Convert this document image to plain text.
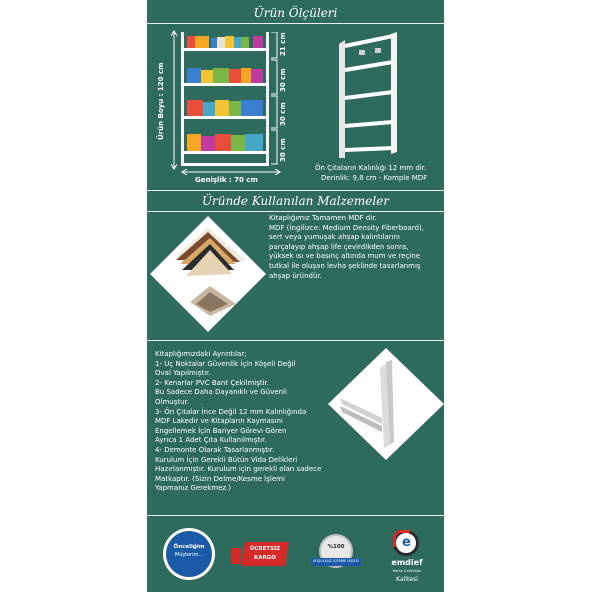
Ürün Ölçüleri
Ürün Boyu : 120 cm
Genişlik : 70 cm
21 cm
30 cm
30 cm
30 cm
Ön Çıtaların Kalınlığı 12 mm dir.
Derinlik: 9,8 cm - Komple MDF
Üründe Kullanılan Malzemeler
Kitaplığımız Tamamen MDF dir.
MDF (İngilizce: Medium Density Fiberboard),
sert veya yumuşak ahşap kalıntılarını
parçalayıp ahşap life çevirdikden sonra,
yüksek ısı ve basınç altında mum ve reçine
tutkal ile oluşan levha şeklinde tasarlanmış
ahşap üründür.
Kitaplığımızdaki Ayrıntılar;
1- Uç Noktalar Güvenlik İçin Köşeli Değil
Oval Yapılmıştır.
2- Kenarlar PVC Bant Çekilmiştir.
Bu Sadece Daha Dayanıklı ve Güvenli
Olmuştur.
3- Ön Çıtalar İnce Değil 12 mm Kalınlığında
MDF Lakedir ve Kitapların Kaymasını
Engellemek İçin Bariyer Görevi Gören
Ayrıca 1 Adet Çıta Kullanılmıştır.
4- Demonte Olarak Tasarlanmıştır.
Kurulum İçin Gerekli Bütün Vida Delikleri
Hazırlanmıştır. Kurulum için gerekli olan sadece
Matkaptır. (Sizin Delme/Kesme İşlemi
Yapmanız Gerekmez.)
Önceliğim
Müşterim...
ÜCRETSİZ
KARGO
%100
KOŞULSUZ İÇERME İADESİ
e
emdief
Home Collection
Kalitesi
